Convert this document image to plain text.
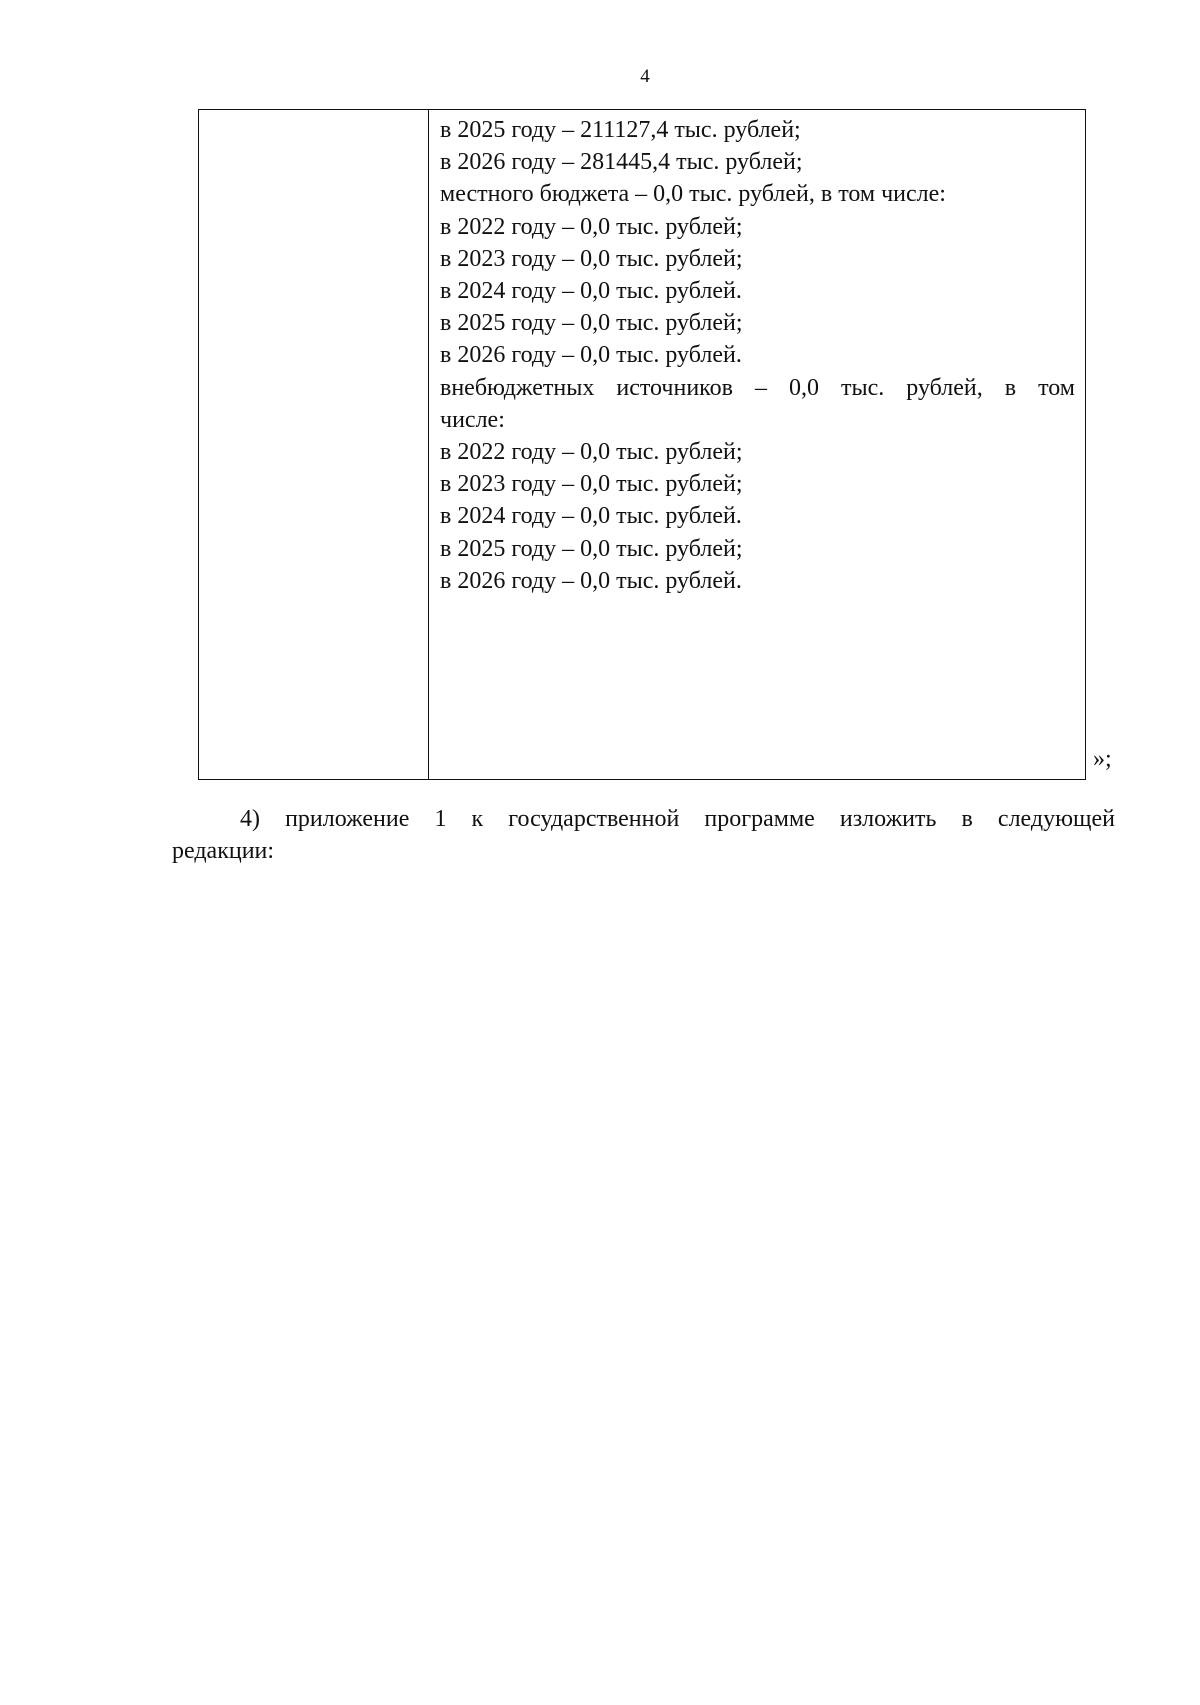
4
в 2025 году – 211127,4 тыс. рублей;
в 2026 году – 281445,4 тыс. рублей;
местного бюджета – 0,0 тыс. рублей, в том числе:
в 2022 году – 0,0 тыс. рублей;
в 2023 году – 0,0 тыс. рублей;
в 2024 году – 0,0 тыс. рублей.
в 2025 году – 0,0 тыс. рублей;
в 2026 году – 0,0 тыс. рублей.
внебюджетных источников – 0,0 тыс. рублей, в том
числе:
в 2022 году – 0,0 тыс. рублей;
в 2023 году – 0,0 тыс. рублей;
в 2024 году – 0,0 тыс. рублей.
в 2025 году – 0,0 тыс. рублей;
в 2026 году – 0,0 тыс. рублей.
»;
4) приложение 1 к государственной программе изложить в следующей
редакции:
